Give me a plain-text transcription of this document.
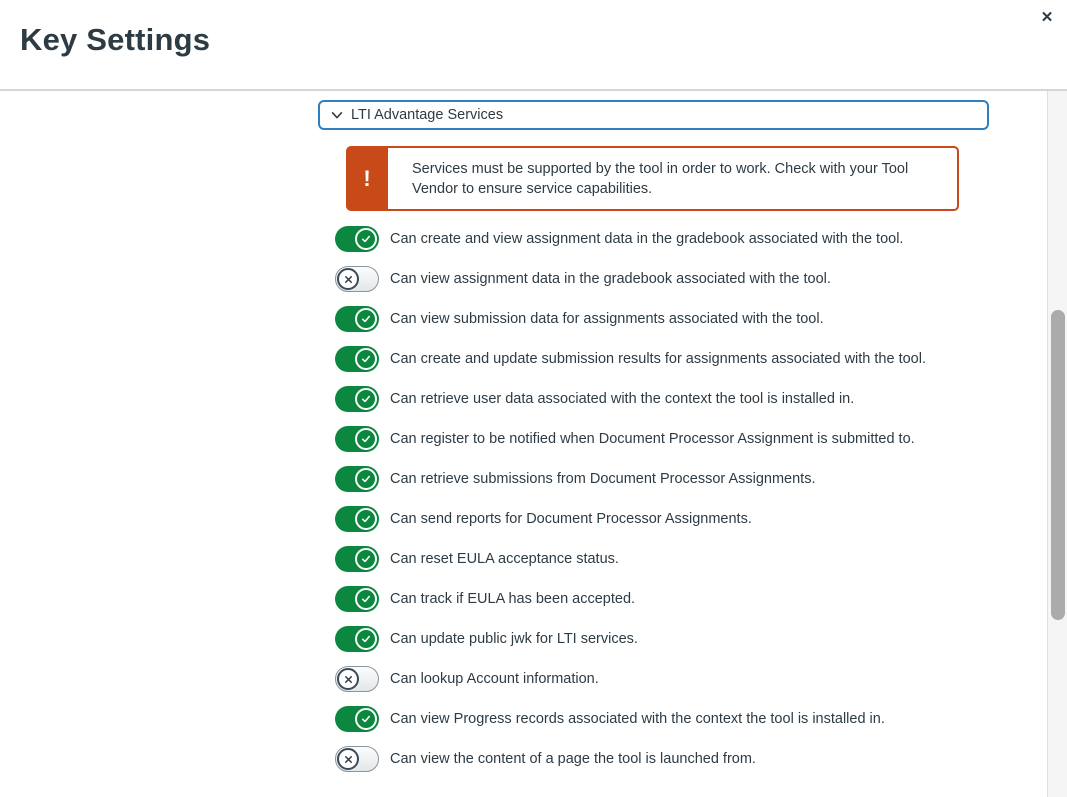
Key Settings
✕
LTI Advantage Services
!	Services must be supported by the tool in order to work. Check with your Tool Vendor to ensure service capabilities.
Can create and view assignment data in the gradebook associated with the tool.
Can view assignment data in the gradebook associated with the tool.
Can view submission data for assignments associated with the tool.
Can create and update submission results for assignments associated with the tool.
Can retrieve user data associated with the context the tool is installed in.
Can register to be notified when Document Processor Assignment is submitted to.
Can retrieve submissions from Document Processor Assignments.
Can send reports for Document Processor Assignments.
Can reset EULA acceptance status.
Can track if EULA has been accepted.
Can update public jwk for LTI services.
Can lookup Account information.
Can view Progress records associated with the context the tool is installed in.
Can view the content of a page the tool is launched from.
